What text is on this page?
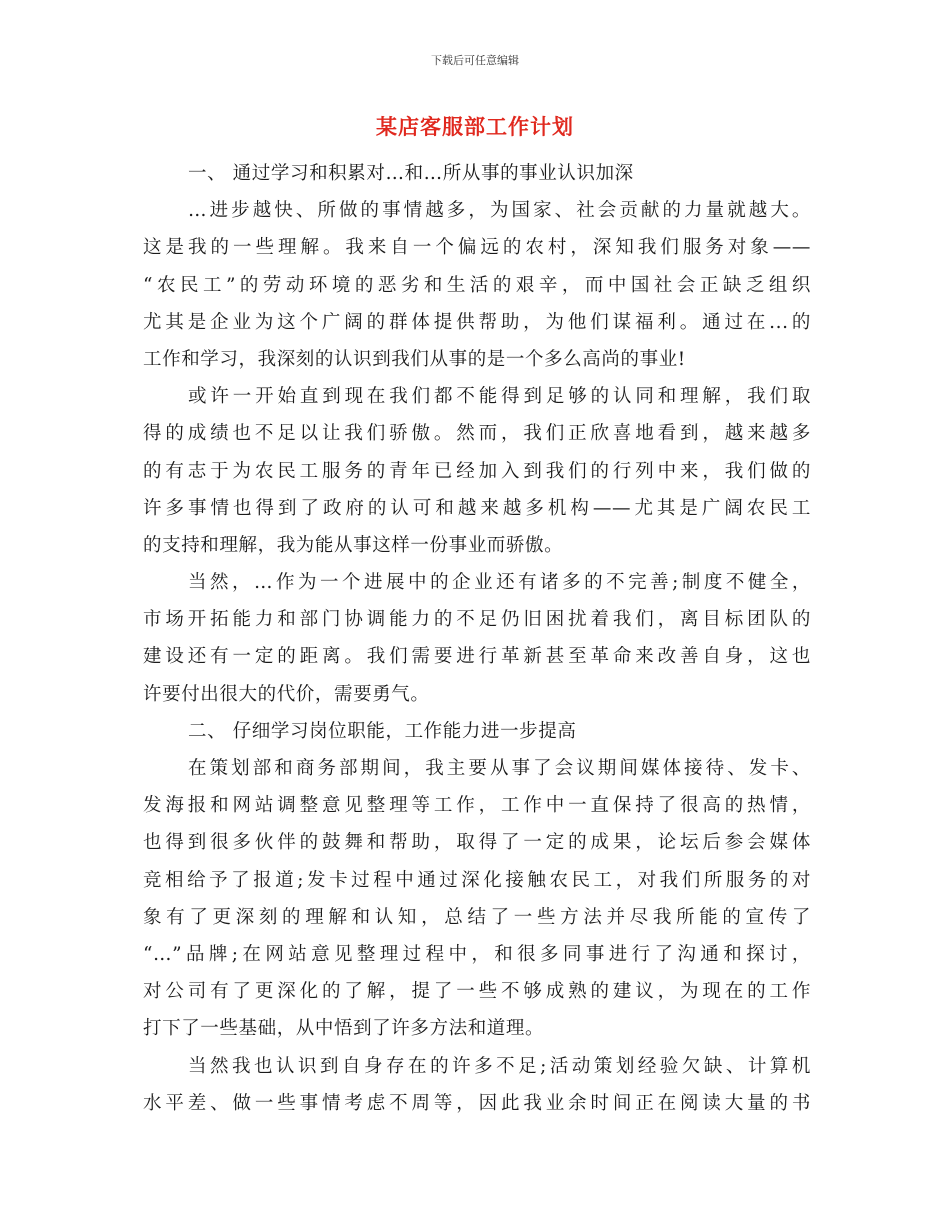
下载后可任意编辑
某店客服部工作计划
一、 通过学习和积累对…和…所从事的事业认识加深
…进步越快、所做的事情越多，为国家、社会贡献的力量就越大。
这是我的一些理解。我来自一个偏远的农村，深知我们服务对象——
“农民工”的劳动环境的恶劣和生活的艰辛，而中国社会正缺乏组织
尤其是企业为这个广阔的群体提供帮助，为他们谋福利。通过在...的
工作和学习，我深刻的认识到我们从事的是一个多么高尚的事业!
或许一开始直到现在我们都不能得到足够的认同和理解，我们取
得的成绩也不足以让我们骄傲。然而，我们正欣喜地看到，越来越多
的有志于为农民工服务的青年已经加入到我们的行列中来，我们做的
许多事情也得到了政府的认可和越来越多机构——尤其是广阔农民工
的支持和理解，我为能从事这样一份事业而骄傲。
当然，…作为一个进展中的企业还有诸多的不完善;制度不健全，
市场开拓能力和部门协调能力的不足仍旧困扰着我们，离目标团队的
建设还有一定的距离。我们需要进行革新甚至革命来改善自身，这也
许要付出很大的代价，需要勇气。
二、 仔细学习岗位职能，工作能力进一步提高
在策划部和商务部期间，我主要从事了会议期间媒体接待、发卡、
发海报和网站调整意见整理等工作，工作中一直保持了很高的热情，
也得到很多伙伴的鼓舞和帮助，取得了一定的成果，论坛后参会媒体
竞相给予了报道;发卡过程中通过深化接触农民工，对我们所服务的对
象有了更深刻的理解和认知，总结了一些方法并尽我所能的宣传了
“…”品牌;在网站意见整理过程中，和很多同事进行了沟通和探讨，
对公司有了更深化的了解，提了一些不够成熟的建议，为现在的工作
打下了一些基础，从中悟到了许多方法和道理。
当然我也认识到自身存在的许多不足;活动策划经验欠缺、计算机
水平差、做一些事情考虑不周等，因此我业余时间正在阅读大量的书
